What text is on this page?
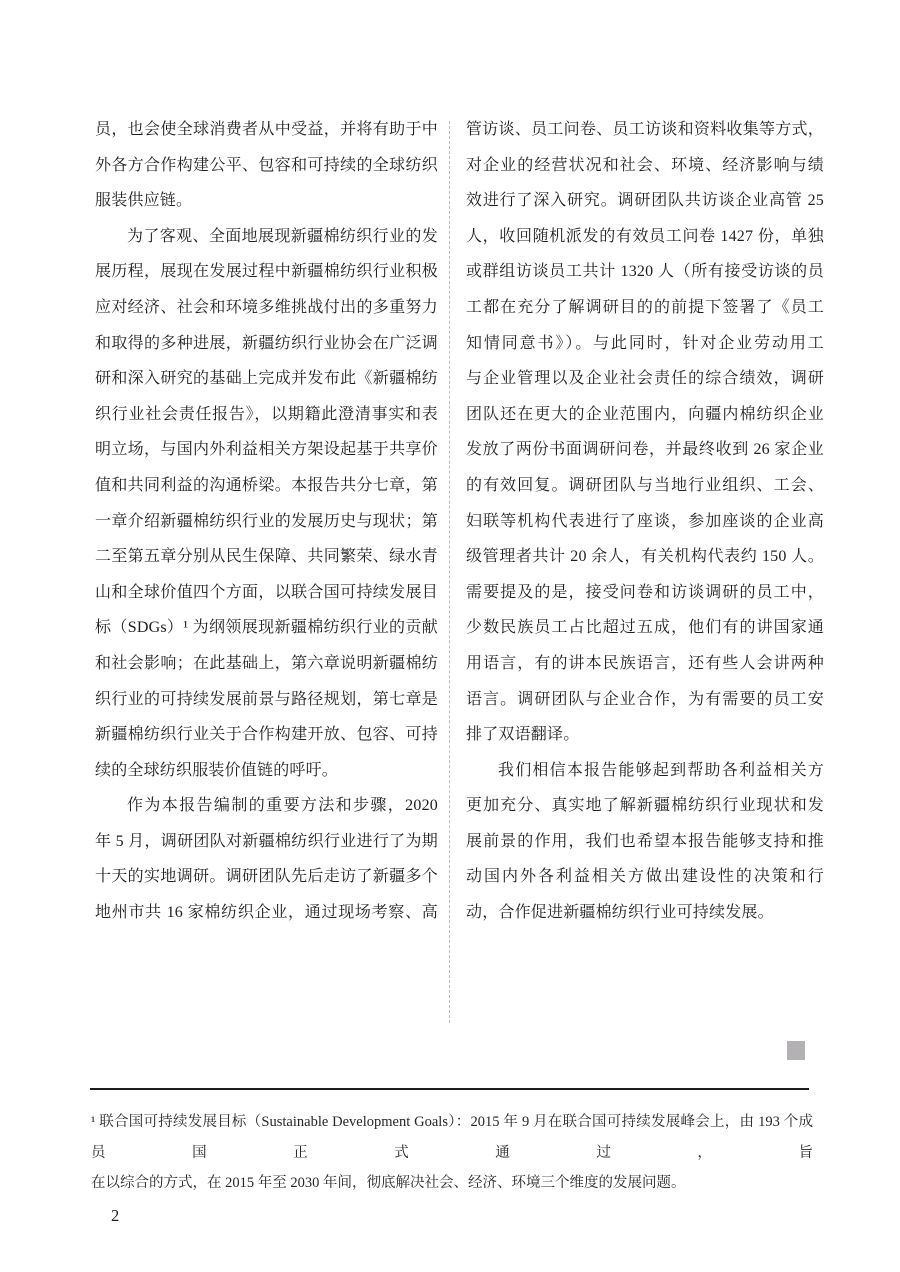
员，也会使全球消费者从中受益，并将有助于中
外各方合作构建公平、包容和可持续的全球纺织
服装供应链。
为了客观、全面地展现新疆棉纺织行业的发
展历程，展现在发展过程中新疆棉纺织行业积极
应对经济、社会和环境多维挑战付出的多重努力
和取得的多种进展，新疆纺织行业协会在广泛调
研和深入研究的基础上完成并发布此《新疆棉纺
织行业社会责任报告》，以期籍此澄清事实和表
明立场，与国内外利益相关方架设起基于共享价
值和共同利益的沟通桥梁。本报告共分七章，第
一章介绍新疆棉纺织行业的发展历史与现状；第
二至第五章分别从民生保障、共同繁荣、绿水青
山和全球价值四个方面，以联合国可持续发展目
标（SDGs）¹ 为纲领展现新疆棉纺织行业的贡献
和社会影响；在此基础上，第六章说明新疆棉纺
织行业的可持续发展前景与路径规划，第七章是
新疆棉纺织行业关于合作构建开放、包容、可持
续的全球纺织服装价值链的呼吁。
作为本报告编制的重要方法和步骤，2020
年 5 月，调研团队对新疆棉纺织行业进行了为期
十天的实地调研。调研团队先后走访了新疆多个
地州市共 16 家棉纺织企业，通过现场考察、高
管访谈、员工问卷、员工访谈和资料收集等方式，
对企业的经营状况和社会、环境、经济影响与绩
效进行了深入研究。调研团队共访谈企业高管 25
人，收回随机派发的有效员工问卷 1427 份，单独
或群组访谈员工共计 1320 人（所有接受访谈的员
工都在充分了解调研目的的前提下签署了《员工
知情同意书》）。与此同时，针对企业劳动用工
与企业管理以及企业社会责任的综合绩效，调研
团队还在更大的企业范围内，向疆内棉纺织企业
发放了两份书面调研问卷，并最终收到 26 家企业
的有效回复。调研团队与当地行业组织、工会、
妇联等机构代表进行了座谈，参加座谈的企业高
级管理者共计 20 余人，有关机构代表约 150 人。
需要提及的是，接受问卷和访谈调研的员工中，
少数民族员工占比超过五成，他们有的讲国家通
用语言，有的讲本民族语言，还有些人会讲两种
语言。调研团队与企业合作，为有需要的员工安
排了双语翻译。
我们相信本报告能够起到帮助各利益相关方
更加充分、真实地了解新疆棉纺织行业现状和发
展前景的作用，我们也希望本报告能够支持和推
动国内外各利益相关方做出建设性的决策和行
动，合作促进新疆棉纺织行业可持续发展。
¹ 联合国可持续发展目标（Sustainable Development Goals）：2015 年 9 月在联合国可持续发展峰会上，由 193 个成员国正式通过，旨
在以综合的方式，在 2015 年至 2030 年间，彻底解决社会、经济、环境三个维度的发展问题。
2
